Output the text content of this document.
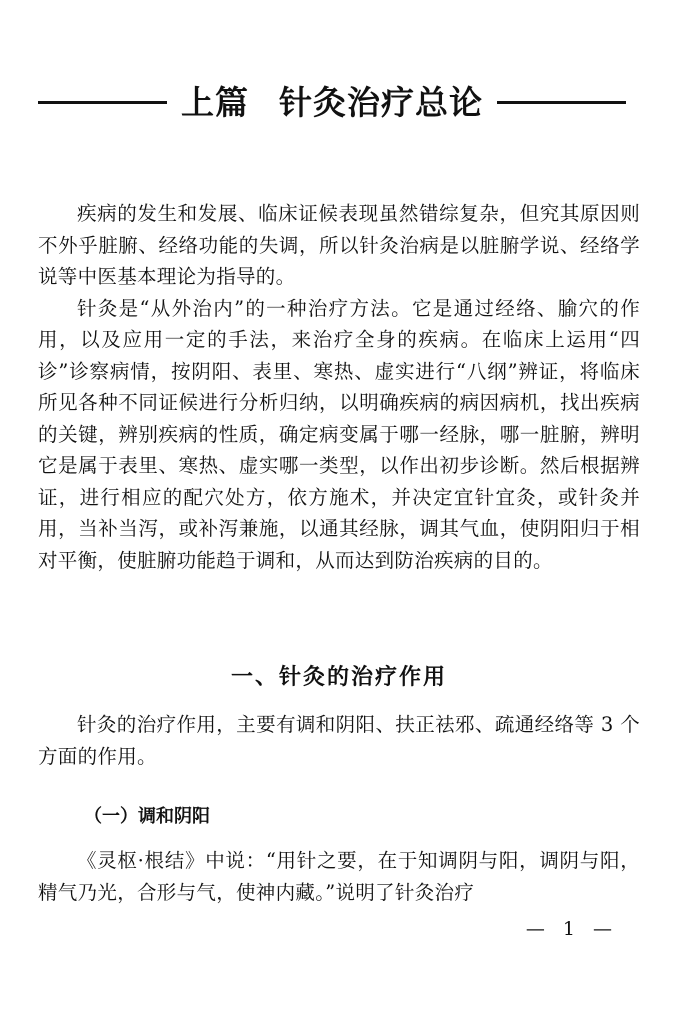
上篇 针灸治疗总论

疾病的发生和发展、临床证候表现虽然错综复杂，但究其原因则不外乎脏腑、经络功能的失调，所以针灸治病是以脏腑学说、经络学说等中医基本理论为指导的。

针灸是“从外治内”的一种治疗方法。它是通过经络、腧穴的作用，以及应用一定的手法，来治疗全身的疾病。在临床上运用“四诊”诊察病情，按阴阳、表里、寒热、虚实进行“八纲”辨证，将临床所见各种不同证候进行分析归纳，以明确疾病的病因病机，找出疾病的关键，辨别疾病的性质，确定病变属于哪一经脉，哪一脏腑，辨明它是属于表里、寒热、虚实哪一类型，以作出初步诊断。然后根据辨证，进行相应的配穴处方，依方施术，并决定宜针宜灸，或针灸并用，当补当泻，或补泻兼施，以通其经脉，调其气血，使阴阳归于相对平衡，使脏腑功能趋于调和，从而达到防治疾病的目的。

一、针灸的治疗作用

针灸的治疗作用，主要有调和阴阳、扶正祛邪、疏通经络等 3 个方面的作用。

（一）调和阴阳

《灵枢·根结》中说：“用针之要，在于知调阴与阳，调阴与阳，精气乃光，合形与气，使神内藏。”说明了针灸治疗

— 1 —
